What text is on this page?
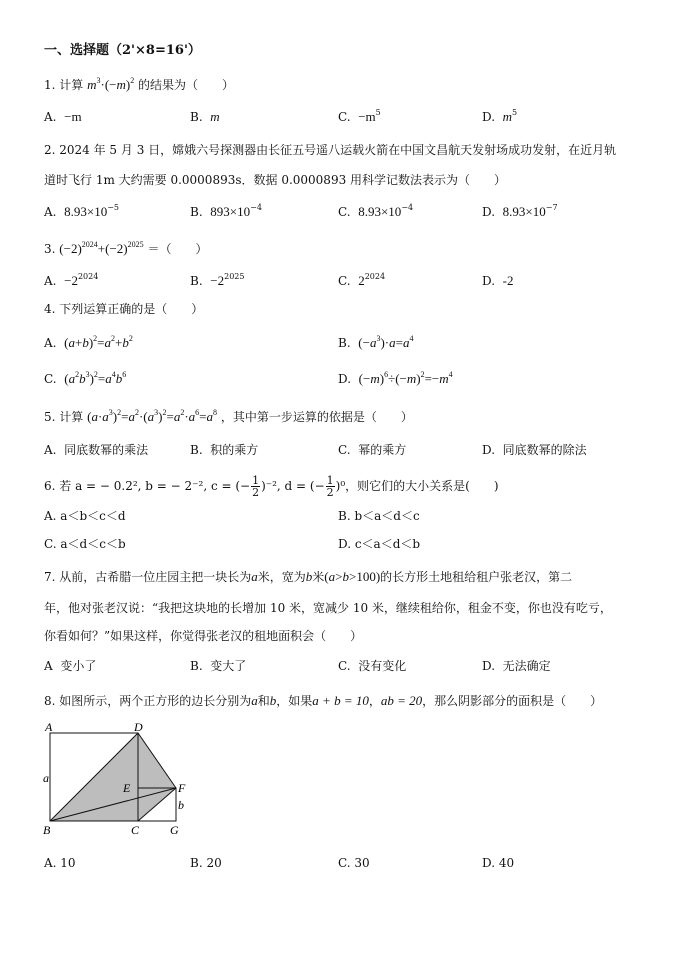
一、选择题（2'×8=16'）
1. 计算 $m^3\cdot(-m)^2$ 的结果为（　　）
A. −m	B. m	C. $-m^5$	D. $m^5$
2. 2024 年 5 月 3 日，嫦娥六号探测器由长征五号遥八运载火箭在中国文昌航天发射场成功发射，在近月轨
道时飞行 1m 大约需要 0.0000893s．数据 0.0000893 用科学记数法表示为（　　）
A. $8.93\times 10^{-5}$	B. $893\times 10^{-4}$	C. $8.93\times 10^{-4}$	D. $8.93\times 10^{-7}$
3. $(-2)^{2024}+(-2)^{2025}$ ＝（　　）
A. $-2^{2024}$	B. $-2^{2025}$	C. $2^{2024}$	D. -2
4. 下列运算正确的是（　　）
A. $(a+b)^2=a^2+b^2$	B. $(-a^3)\cdot a=a^4$
C. $(a^2b^3)^2=a^4b^6$	D. $(-m)^6\div(-m)^2=-m^4$
5. 计算 $(a\cdot a^3)^2=a^2\cdot(a^3)^2=a^2\cdot a^6=a^8$ ，其中第一步运算的依据是（　　）
A. 同底数幂的乘法	B. 积的乘方	C. 幂的乘方	D. 同底数幂的除法
6. 若 a = − 0.2², b = − 2⁻², c = (− $\frac{1}{2} )^{-2}$, d = (− $\frac{1}{2} )^0$，则它们的大小关系是(　　)
A. a＜b＜c＜d	B. b＜a＜d＜c
C. a＜d＜c＜b	D. c＜a＜d＜b
7. 从前，古希腊一位庄园主把一块长为a米，宽为b米(a>b>100)的长方形土地租给租户张老汉，第二
年，他对张老汉说：“我把这块地的长增加 10 米，宽减少 10 米，继续租给你，租金不变，你也没有吃亏，
你看如何？”如果这样，你觉得张老汉的租地面积会（　　）
A 变小了	B. 变大了	C. 没有变化	D. 无法确定
8. 如图所示，两个正方形的边长分别为a和b，如果a + b = 10，ab = 20，那么阴影部分的面积是（　　）
A	D
B	C
E	F
G
a
b
A. 10	B. 20	C. 30	D. 40
